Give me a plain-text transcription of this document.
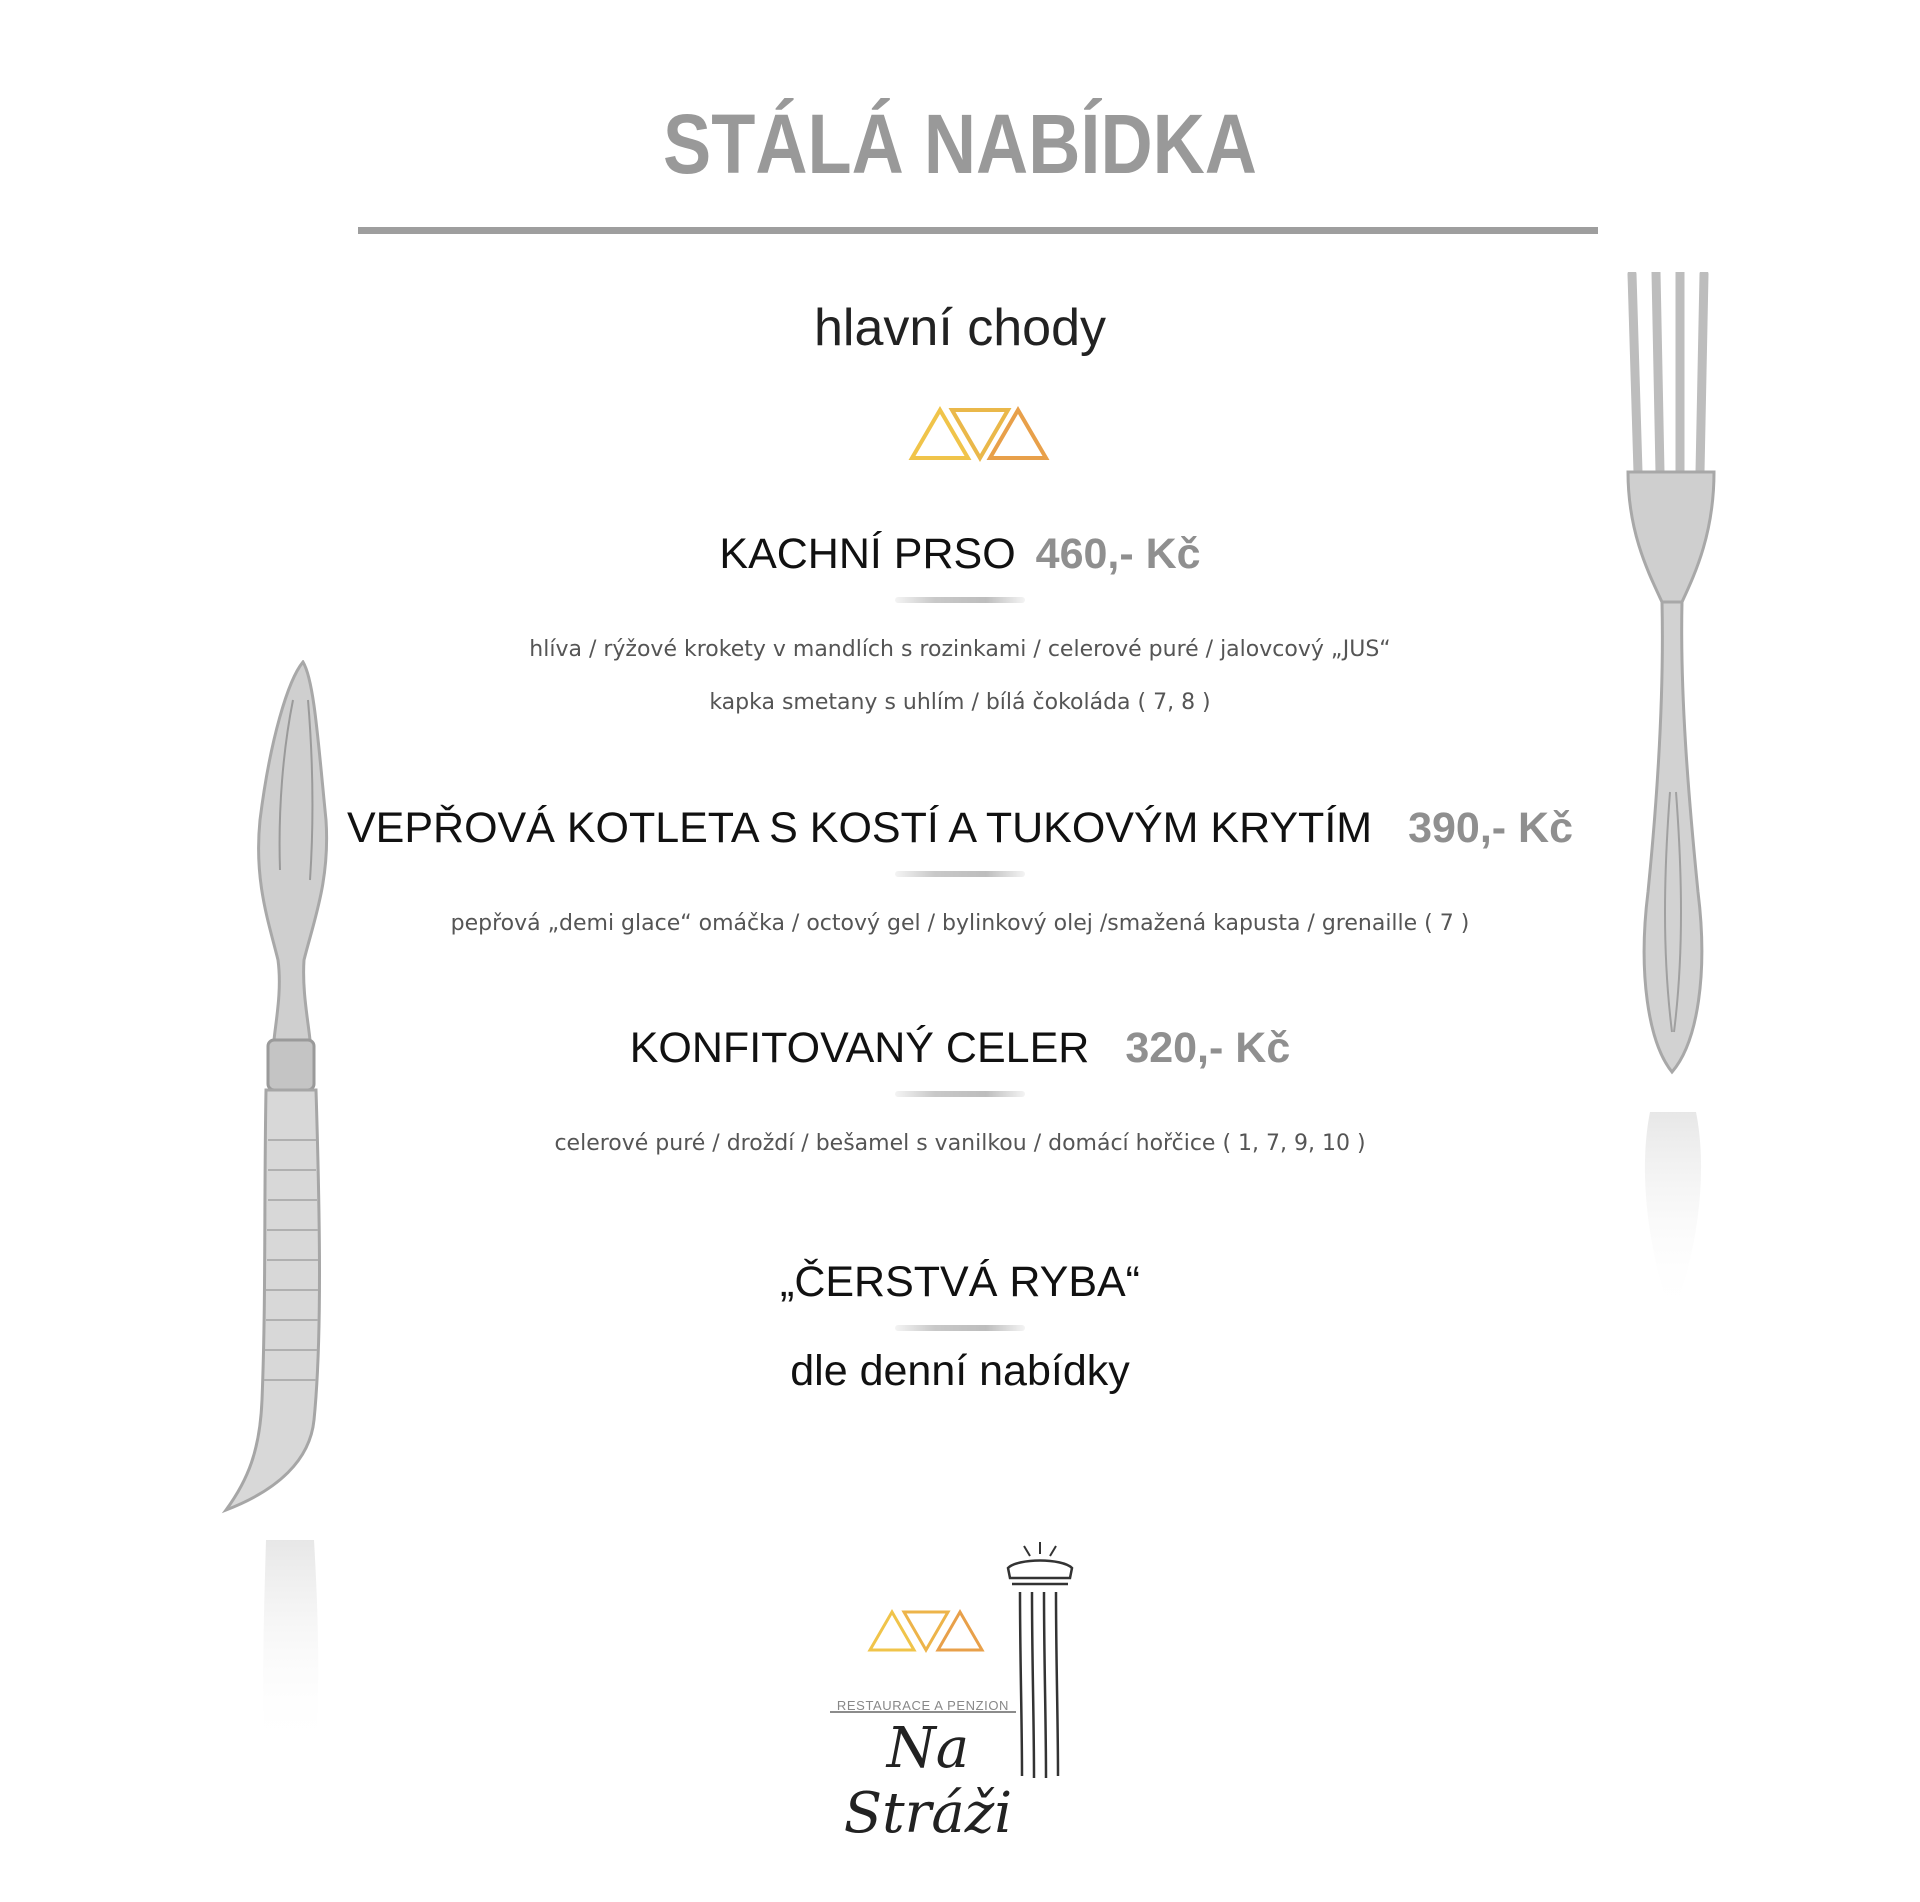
STÁLÁ NABÍDKA
hlavní chody
KACHNÍ PRSO 460,- Kč
hlíva / rýžové krokety v mandlích s rozinkami / celerové puré / jalovcový „JUS“
kapka smetany s uhlím / bílá čokoláda ( 7, 8 )
VEPŘOVÁ KOTLETA S KOSTÍ A TUKOVÝM KRYTÍM 390,- Kč
pepřová „demi glace“ omáčka / octový gel / bylinkový olej /smažená kapusta / grenaille ( 7 )
KONFITOVANÝ CELER 320,- Kč
celerové puré / droždí / bešamel s vanilkou / domácí hořčice ( 1, 7, 9, 10 )
„ČERSTVÁ RYBA“
dle denní nabídky
RESTAURACE A PENZION
Na Stráži
